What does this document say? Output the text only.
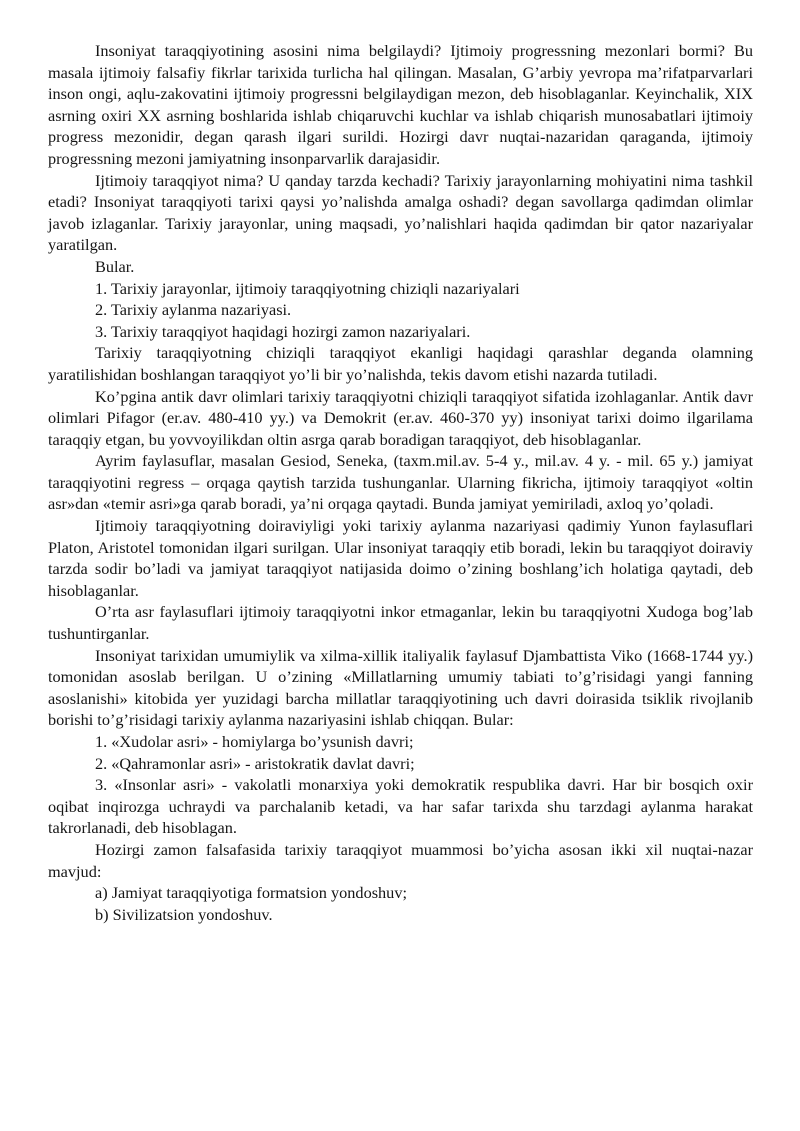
Insoniyat taraqqiyotining asosini nima belgilaydi? Ijtimoiy progressning mezonlari bormi? Bu masala ijtimoiy falsafiy fikrlar tarixida turlicha hal qilingan. Masalan, G’arbiy yevropa ma’rifatparvarlari inson ongi, aqlu-zakovatini ijtimoiy progressni belgilaydigan mezon, deb hisoblaganlar. Keyinchalik, XIX asrning oxiri XX asrning boshlarida ishlab chiqaruvchi kuchlar va ishlab chiqarish munosabatlari ijtimoiy progress mezonidir, degan qarash ilgari surildi. Hozirgi davr nuqtai-nazaridan qaraganda, ijtimoiy progressning mezoni jamiyatning insonparvarlik darajasidir.

Ijtimoiy taraqqiyot nima? U qanday tarzda kechadi? Tarixiy jarayonlarning mohiyatini nima tashkil etadi? Insoniyat taraqqiyoti tarixi qaysi yo’nalishda amalga oshadi? degan savollarga qadimdan olimlar javob izlaganlar. Tarixiy jarayonlar, uning maqsadi, yo’nalishlari haqida qadimdan bir qator nazariyalar yaratilgan.

Bular.

1. Tarixiy jarayonlar, ijtimoiy taraqqiyotning chiziqli nazariyalari

2. Tarixiy aylanma nazariyasi.

3. Tarixiy taraqqiyot haqidagi hozirgi zamon nazariyalari.

Tarixiy taraqqiyotning chiziqli taraqqiyot ekanligi haqidagi qarashlar deganda olamning yaratilishidan boshlangan taraqqiyot yo’li bir yo’nalishda, tekis davom etishi nazarda tutiladi.

Ko’pgina antik davr olimlari tarixiy taraqqiyotni chiziqli taraqqiyot sifatida izohlaganlar. Antik davr olimlari Pifagor (er.av. 480-410 yy.) va Demokrit (er.av. 460-370 yy) insoniyat tarixi doimo ilgarilama taraqqiy etgan, bu yovvoyilikdan oltin asrga qarab boradigan taraqqiyot, deb hisoblaganlar.

Ayrim faylasuflar, masalan Gesiod, Seneka, (taxm.mil.av. 5-4 y., mil.av. 4 y. - mil. 65 y.) jamiyat taraqqiyotini regress – orqaga qaytish tarzida tushunganlar. Ularning fikricha, ijtimoiy taraqqiyot «oltin asr»dan «temir asri»ga qarab boradi, ya’ni orqaga qaytadi. Bunda jamiyat yemiriladi, axloq yo’qoladi.

Ijtimoiy taraqqiyotning doiraviyligi yoki tarixiy aylanma nazariyasi qadimiy Yunon faylasuflari Platon, Aristotel tomonidan ilgari surilgan. Ular insoniyat taraqqiy etib boradi, lekin bu taraqqiyot doiraviy tarzda sodir bo’ladi va jamiyat taraqqiyot natijasida doimo o’zining boshlang’ich holatiga qaytadi, deb hisoblaganlar.

O’rta asr faylasuflari ijtimoiy taraqqiyotni inkor etmaganlar, lekin bu taraqqiyotni Xudoga bog’lab tushuntirganlar.

Insoniyat tarixidan umumiylik va xilma-xillik italiyalik faylasuf Djambattista Viko (1668-1744 yy.) tomonidan asoslab berilgan. U o’zining «Millatlarning umumiy tabiati to’g’risidagi yangi fanning asoslanishi» kitobida yer yuzidagi barcha millatlar taraqqiyotining uch davri doirasida tsiklik rivojlanib borishi to’g’risidagi tarixiy aylanma nazariyasini ishlab chiqqan. Bular:

1. «Xudolar asri» - homiylarga bo’ysunish davri;

2. «Qahramonlar asri» - aristokratik davlat davri;

3. «Insonlar asri» - vakolatli monarxiya yoki demokratik respublika davri. Har bir bosqich oxir oqibat inqirozga uchraydi va parchalanib ketadi, va har safar tarixda shu tarzdagi aylanma harakat takrorlanadi, deb hisoblagan.

Hozirgi zamon falsafasida tarixiy taraqqiyot muammosi bo’yicha asosan ikki xil nuqtai-nazar mavjud:

a) Jamiyat taraqqiyotiga formatsion yondoshuv;

b) Sivilizatsion yondoshuv.
